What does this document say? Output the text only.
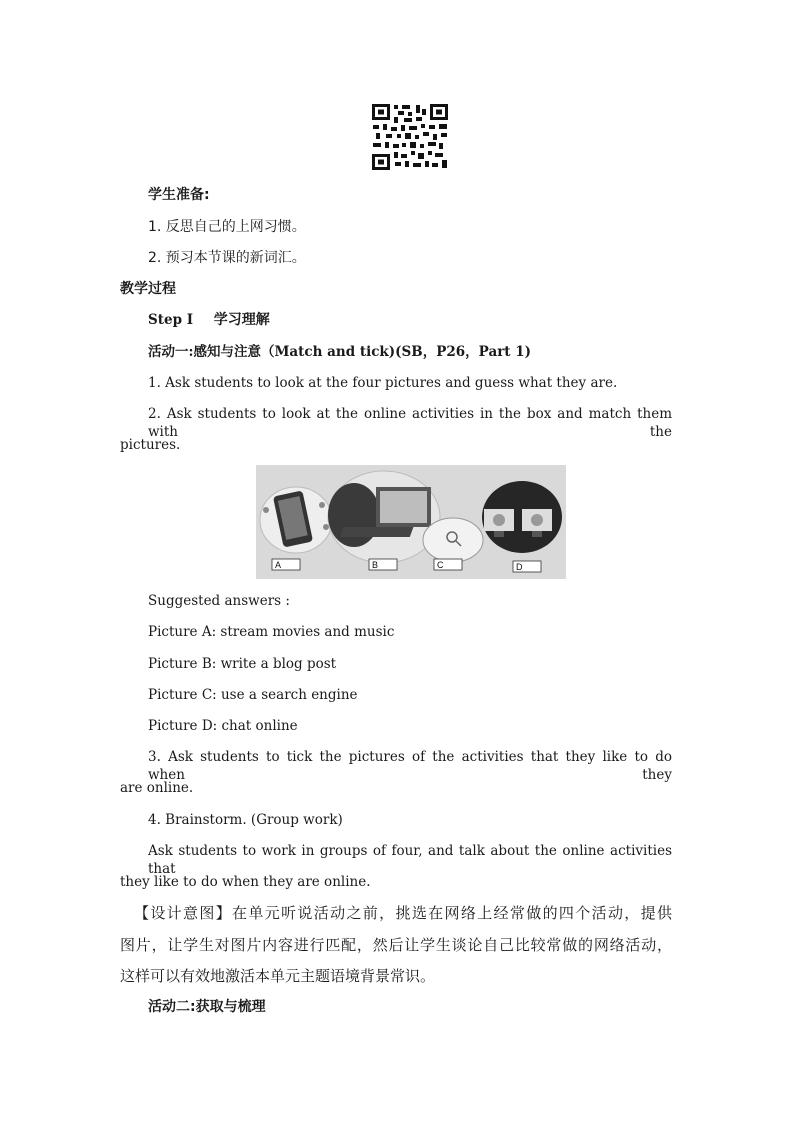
学生准备:
1. 反思自己的上网习惯。
2. 预习本节课的新词汇。
教学过程
Step I 学习理解
活动一:感知与注意（Match and tick)(SB，P26，Part 1)
1. Ask students to look at the four pictures and guess what they are.
2. Ask students to look at the online activities in the box and match them with the
pictures.
A	B	C	D
Suggested answers :
Picture A: stream movies and music
Picture B: write a blog post
Picture C: use a search engine
Picture D: chat online
3. Ask students to tick the pictures of the activities that they like to do when they
are online.
4. Brainstorm. (Group work)
Ask students to work in groups of four, and talk about the online activities that
they like to do when they are online.
【设计意图】在单元听说活动之前，挑选在网络上经常做的四个活动，提供
图片，让学生对图片内容进行匹配，然后让学生谈论自己比较常做的网络活动，
这样可以有效地激活本单元主题语境背景常识。
活动二:获取与梳理
